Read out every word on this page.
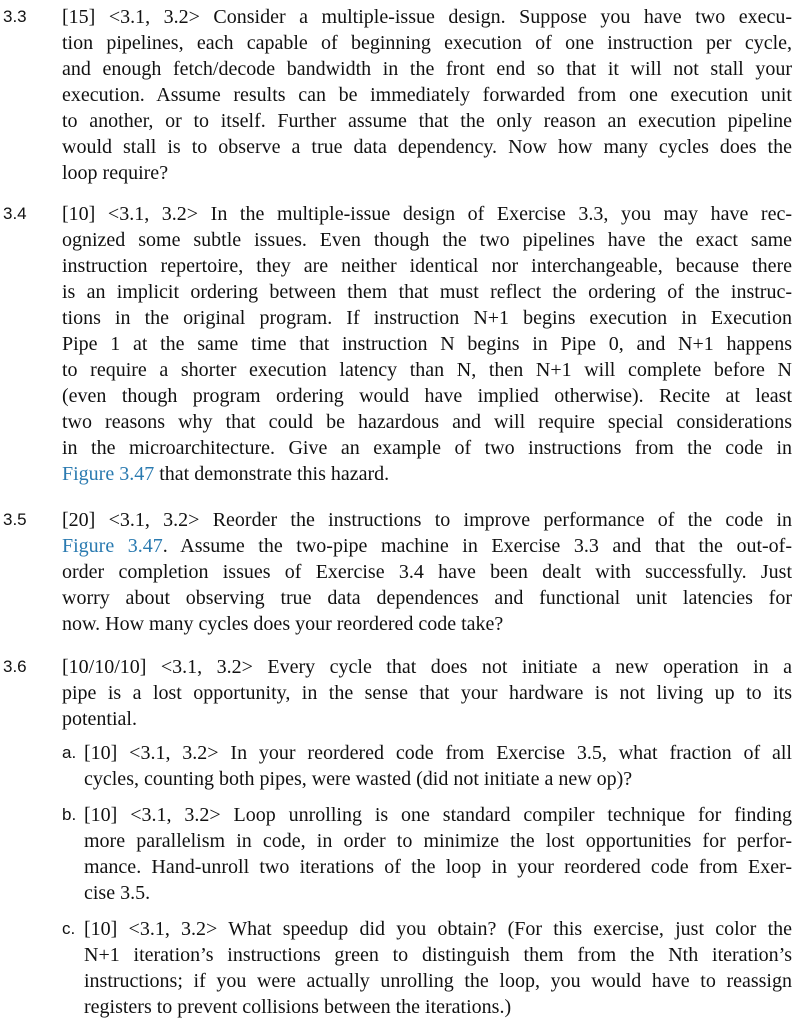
3.3 [15] <3.1, 3.2> Consider a multiple-issue design. Suppose you have two execu-
tion pipelines, each capable of beginning execution of one instruction per cycle,
and enough fetch/decode bandwidth in the front end so that it will not stall your
execution. Assume results can be immediately forwarded from one execution unit
to another, or to itself. Further assume that the only reason an execution pipeline
would stall is to observe a true data dependency. Now how many cycles does the
loop require?
3.4 [10] <3.1, 3.2> In the multiple-issue design of Exercise 3.3, you may have rec-
ognized some subtle issues. Even though the two pipelines have the exact same
instruction repertoire, they are neither identical nor interchangeable, because there
is an implicit ordering between them that must reflect the ordering of the instruc-
tions in the original program. If instruction N+1 begins execution in Execution
Pipe 1 at the same time that instruction N begins in Pipe 0, and N+1 happens
to require a shorter execution latency than N, then N+1 will complete before N
(even though program ordering would have implied otherwise). Recite at least
two reasons why that could be hazardous and will require special considerations
in the microarchitecture. Give an example of two instructions from the code in
Figure 3.47 that demonstrate this hazard.
3.5 [20] <3.1, 3.2> Reorder the instructions to improve performance of the code in
Figure 3.47. Assume the two-pipe machine in Exercise 3.3 and that the out-of-
order completion issues of Exercise 3.4 have been dealt with successfully. Just
worry about observing true data dependences and functional unit latencies for
now. How many cycles does your reordered code take?
3.6 [10/10/10] <3.1, 3.2> Every cycle that does not initiate a new operation in a
pipe is a lost opportunity, in the sense that your hardware is not living up to its
potential.
a. [10] <3.1, 3.2> In your reordered code from Exercise 3.5, what fraction of all
cycles, counting both pipes, were wasted (did not initiate a new op)?
b. [10] <3.1, 3.2> Loop unrolling is one standard compiler technique for finding
more parallelism in code, in order to minimize the lost opportunities for perfor-
mance. Hand-unroll two iterations of the loop in your reordered code from Exer-
cise 3.5.
c. [10] <3.1, 3.2> What speedup did you obtain? (For this exercise, just color the
N+1 iteration’s instructions green to distinguish them from the Nth iteration’s
instructions; if you were actually unrolling the loop, you would have to reassign
registers to prevent collisions between the iterations.)
